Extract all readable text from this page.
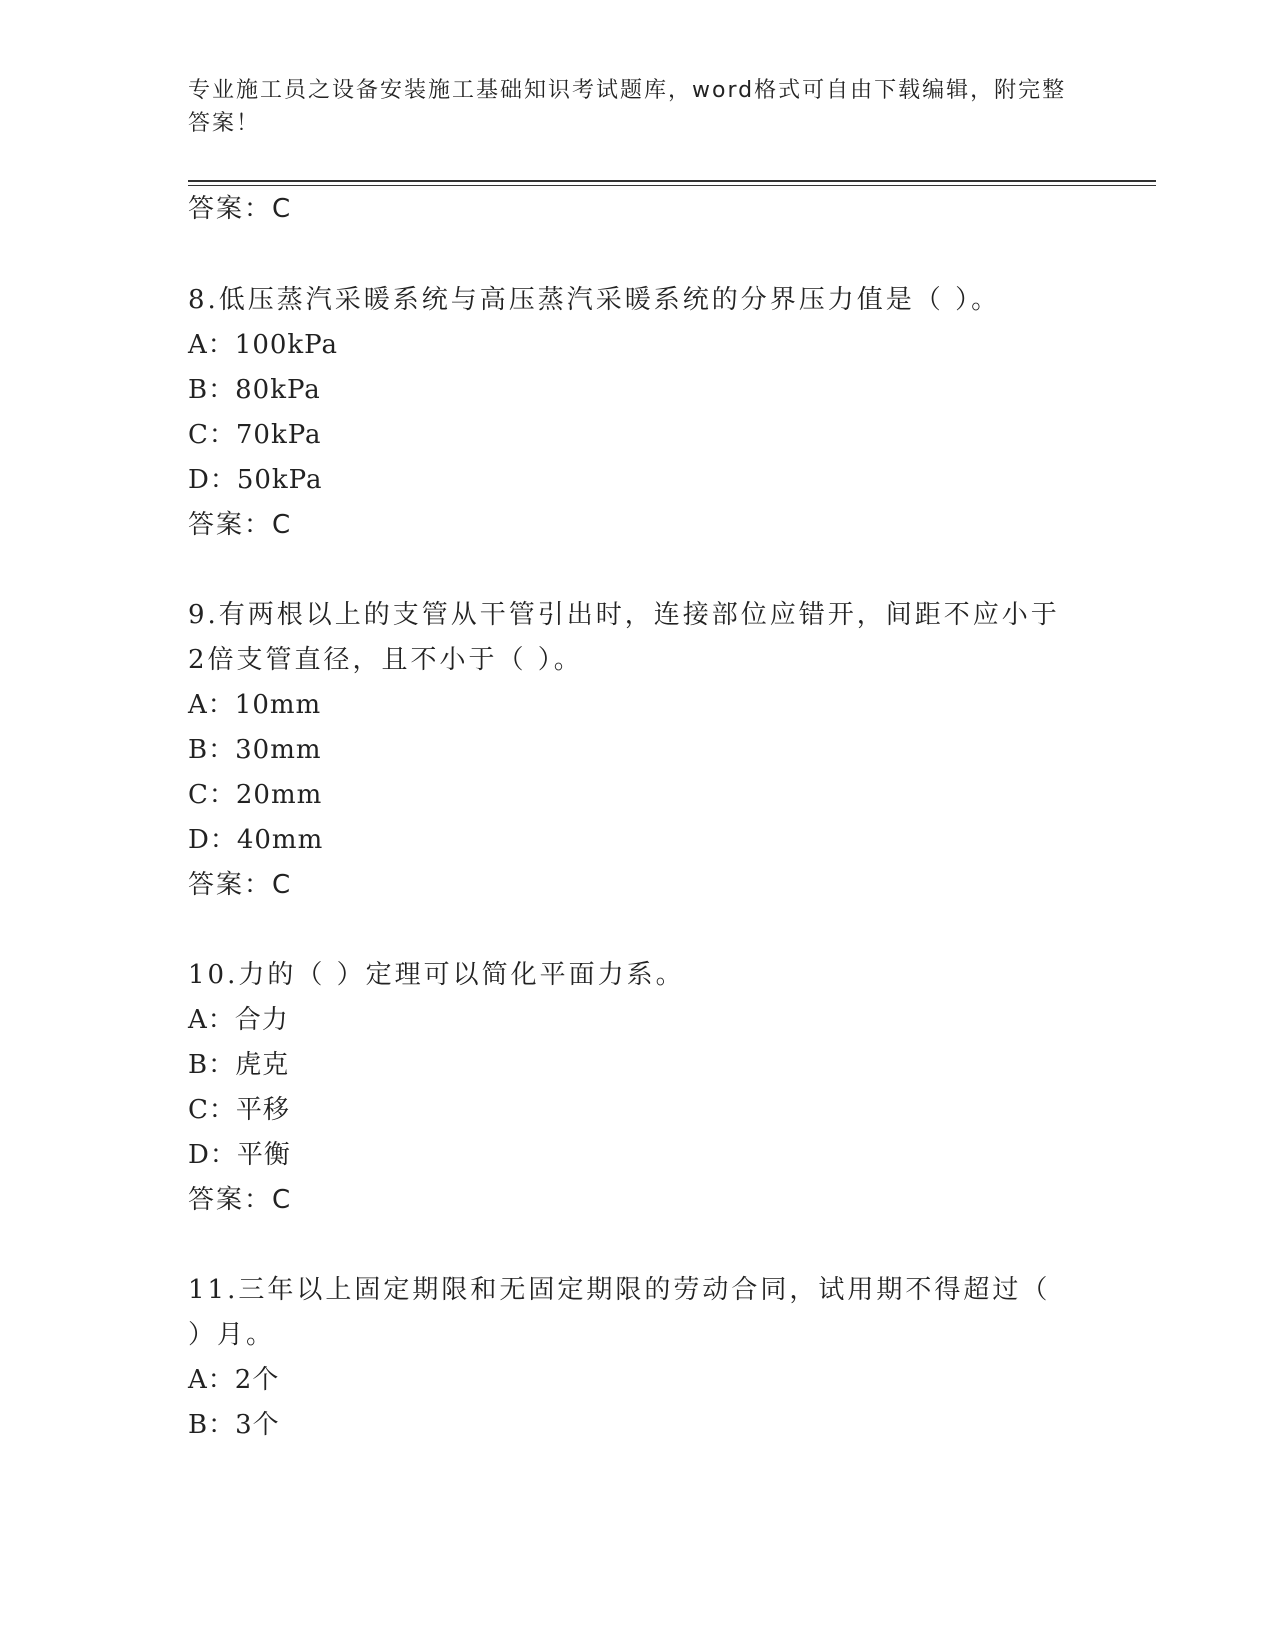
专业施工员之设备安装施工基础知识考试题库，word格式可自由下载编辑，附完整答案！
答案：C
8.低压蒸汽采暖系统与高压蒸汽采暖系统的分界压力值是（ ）。
A：100kPa
B：80kPa
C：70kPa
D：50kPa
答案：C
9.有两根以上的支管从干管引出时，连接部位应错开，间距不应小于
2倍支管直径，且不小于（ ）。
A：10mm
B：30mm
C：20mm
D：40mm
答案：C
10.力的（ ）定理可以简化平面力系。
A：合力
B：虎克
C：平移
D：平衡
答案：C
11.三年以上固定期限和无固定期限的劳动合同，试用期不得超过（
）月。
A：2个
B：3个
